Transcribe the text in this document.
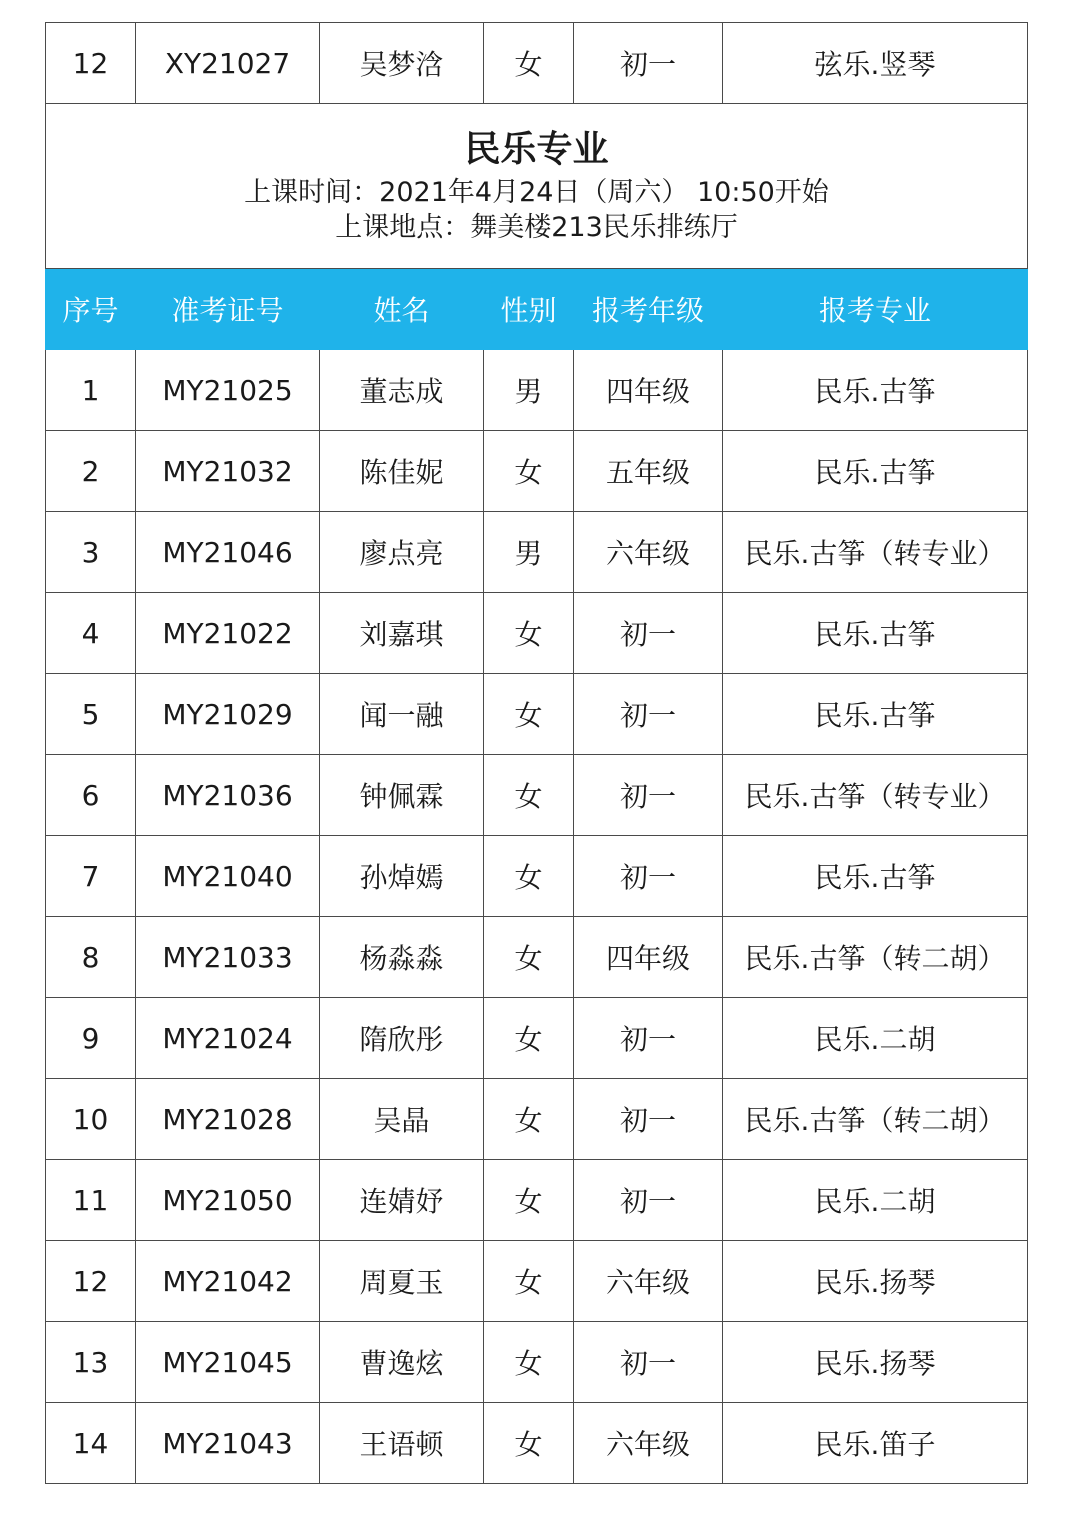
12	XY21027	吴梦浛	女	初一	弦乐.竖琴

民乐专业
上课时间：2021年4月24日（周六） 10:50开始
上课地点：舞美楼213民乐排练厅					

序号	准考证号	姓名	性别	报考年级	报考专业
1	MY21025	董志成	男	四年级	民乐.古筝
2	MY21032	陈佳妮	女	五年级	民乐.古筝
3	MY21046	廖点亮	男	六年级	民乐.古筝（转专业）
4	MY21022	刘嘉琪	女	初一	民乐.古筝
5	MY21029	闻一融	女	初一	民乐.古筝
6	MY21036	钟佩霖	女	初一	民乐.古筝（转专业）
7	MY21040	孙焯嫣	女	初一	民乐.古筝
8	MY21033	杨淼淼	女	四年级	民乐.古筝（转二胡）
9	MY21024	隋欣彤	女	初一	民乐.二胡
10	MY21028	吴晶	女	初一	民乐.古筝（转二胡）
11	MY21050	连婧妤	女	初一	民乐.二胡
12	MY21042	周夏玉	女	六年级	民乐.扬琴
13	MY21045	曹逸炫	女	初一	民乐.扬琴
14	MY21043	王语顿	女	六年级	民乐.笛子
